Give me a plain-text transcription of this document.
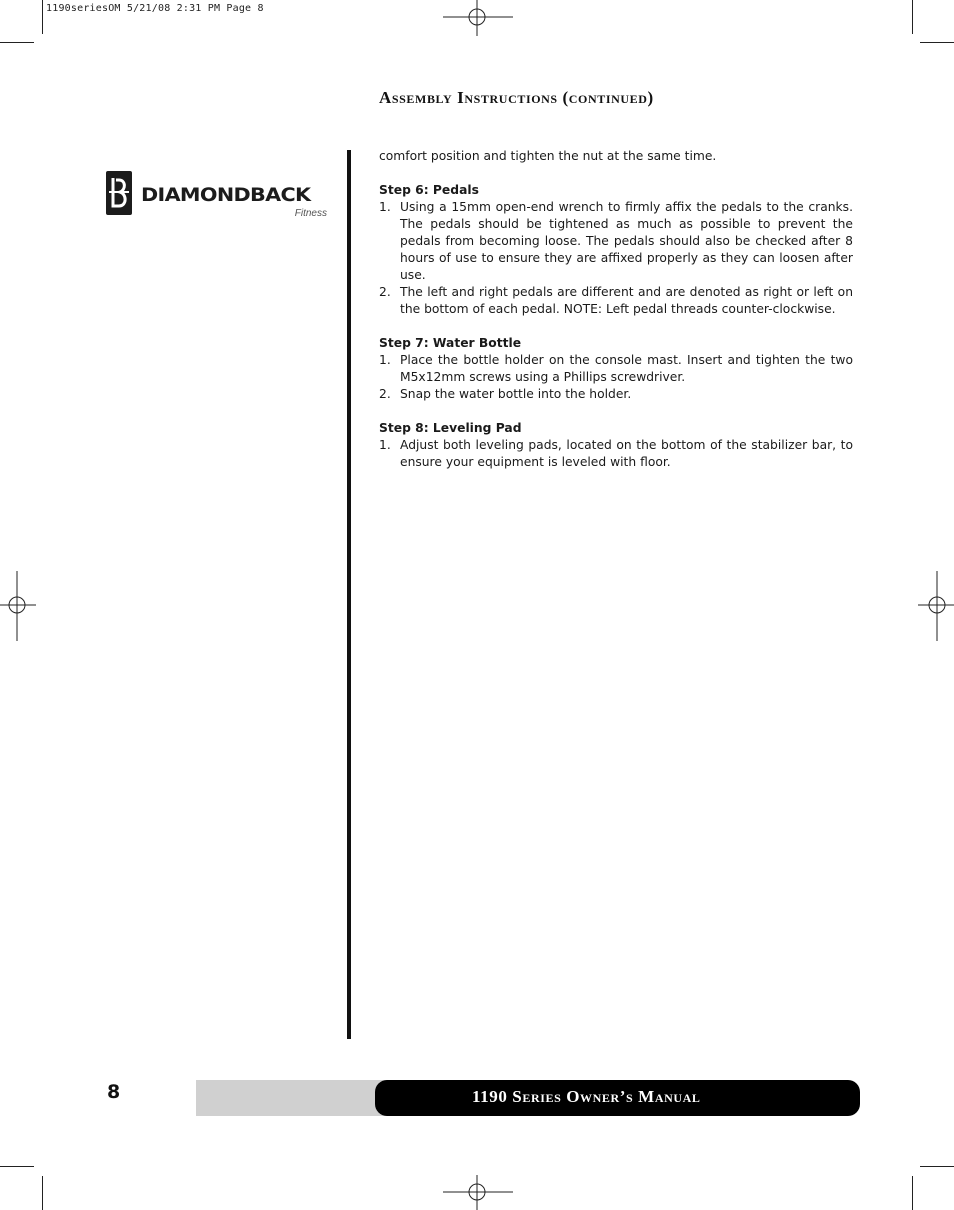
1190seriesOM 5/21/08 2:31 PM Page 8
Assembly Instructions (continued)
DIAMONDBACK
Fitness

comfort position and tighten the nut at the same time.

Step 6: Pedals

1. Using a 15mm open-end wrench to firmly affix the pedals to the cranks. The pedals should be tightened as much as possible to prevent the pedals from becoming loose. The pedals should also be checked after 8 hours of use to ensure they are affixed properly as they can loosen after use.
2. The left and right pedals are different and are denoted as right or left on the bottom of each pedal. NOTE: Left pedal threads counter-clockwise.

Step 7: Water Bottle

1. Place the bottle holder on the console mast. Insert and tighten the two M5x12mm screws using a Phillips screwdriver.
2. Snap the water bottle into the holder.

Step 8: Leveling Pad

1. Adjust both leveling pads, located on the bottom of the stabilizer bar, to ensure your equipment is leveled with floor.
8	1190 Series Owner’s Manual
